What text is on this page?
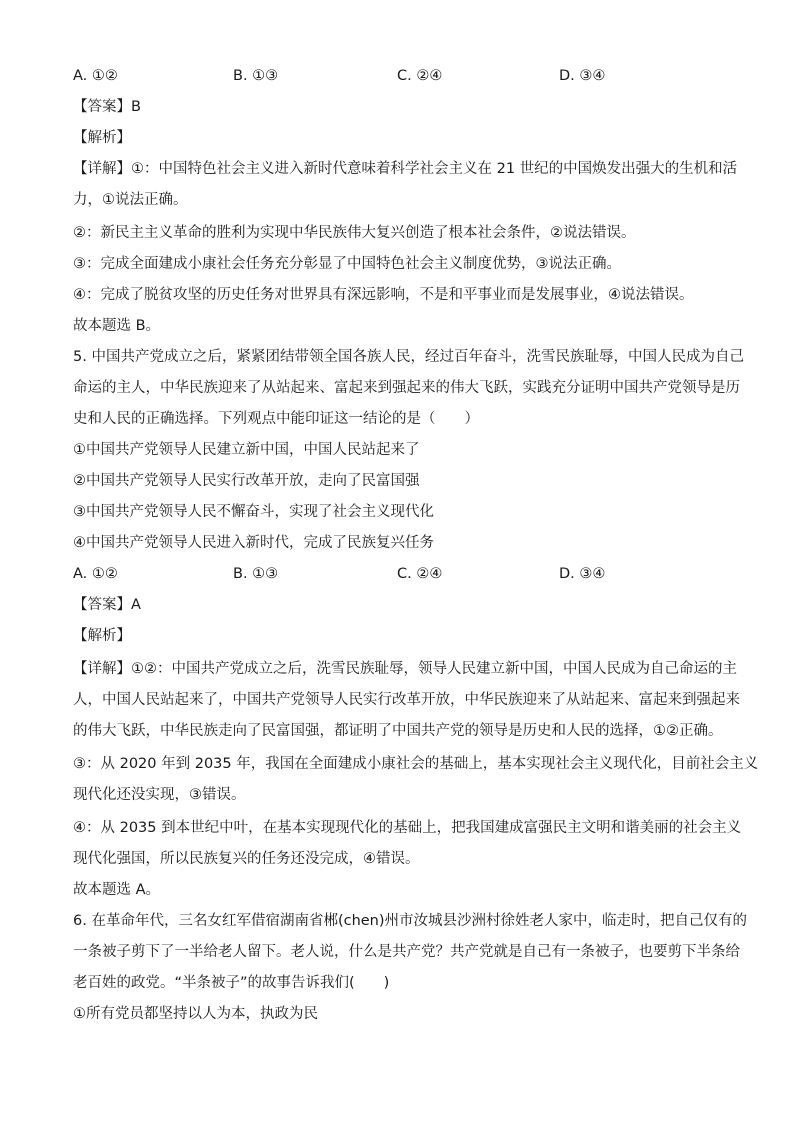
A. ①②	B. ①③	C. ②④	D. ③④

【答案】B

【解析】

【详解】①：中国特色社会主义进入新时代意味着科学社会主义在 21 世纪的中国焕发出强大的生机和活

力，①说法正确。

②：新民主主义革命的胜利为实现中华民族伟大复兴创造了根本社会条件，②说法错误。

③：完成全面建成小康社会任务充分彰显了中国特色社会主义制度优势，③说法正确。

④：完成了脱贫攻坚的历史任务对世界具有深远影响，不是和平事业而是发展事业，④说法错误。

故本题选 B。

5. 中国共产党成立之后，紧紧团结带领全国各族人民，经过百年奋斗，洗雪民族耻辱，中国人民成为自己

命运的主人，中华民族迎来了从站起来、富起来到强起来的伟大飞跃，实践充分证明中国共产党领导是历

史和人民的正确选择。下列观点中能印证这一结论的是（　　）

①中国共产党领导人民建立新中国，中国人民站起来了

②中国共产党领导人民实行改革开放，走向了民富国强

③中国共产党领导人民不懈奋斗，实现了社会主义现代化

④中国共产党领导人民进入新时代，完成了民族复兴任务

A. ①②	B. ①③	C. ②④	D. ③④

【答案】A

【解析】

【详解】①②：中国共产党成立之后，洗雪民族耻辱，领导人民建立新中国，中国人民成为自己命运的主

人，中国人民站起来了，中国共产党领导人民实行改革开放，中华民族迎来了从站起来、富起来到强起来

的伟大飞跃，中华民族走向了民富国强，都证明了中国共产党的领导是历史和人民的选择，①②正确。

③：从 2020 年到 2035 年，我国在全面建成小康社会的基础上，基本实现社会主义现代化，目前社会主义

现代化还没实现，③错误。

④：从 2035 到本世纪中叶，在基本实现现代化的基础上，把我国建成富强民主文明和谐美丽的社会主义

现代化强国，所以民族复兴的任务还没完成，④错误。

故本题选 A。

6. 在革命年代，三名女红军借宿湖南省郴(chen)州市汝城县沙洲村徐姓老人家中，临走时，把自己仅有的

一条被子剪下了一半给老人留下。老人说，什么是共产党？共产党就是自己有一条被子，也要剪下半条给

老百姓的政党。“半条被子”的故事告诉我们(　　)

①所有党员都坚持以人为本，执政为民
